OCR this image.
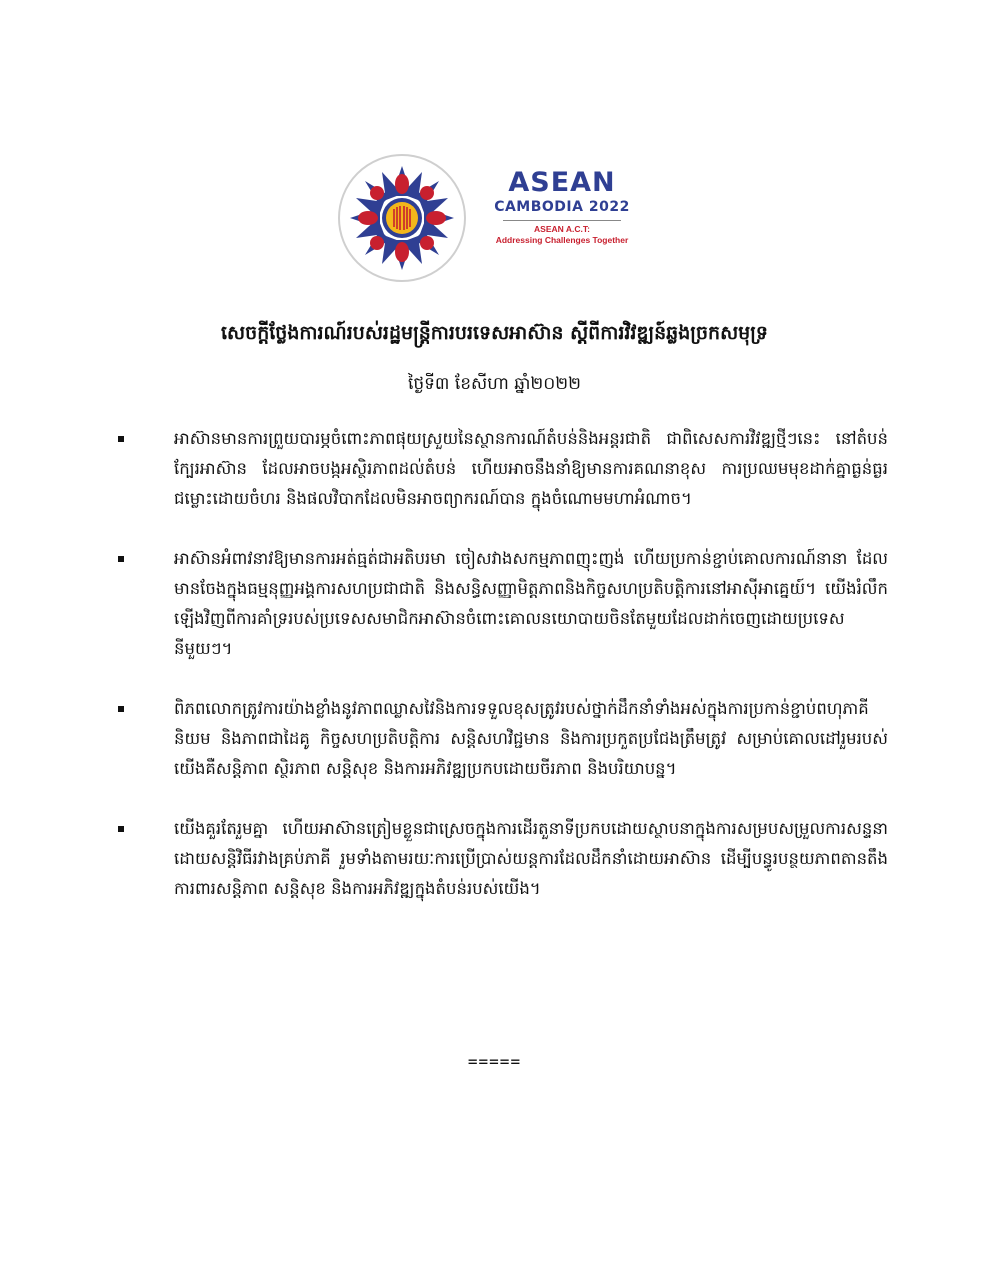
ASEAN
CAMBODIA 2022
ASEAN A.C.T:
Addressing Challenges Together
សេចក្តីថ្លែងការណ៍របស់រដ្ឋមន្ត្រីការបរទេសអាស៊ាន ស្តីពីការវិវឌ្ឍន៍ឆ្លងច្រកសមុទ្រ
ថ្ងៃទី៣ ខែសីហា ឆ្នាំ២០២២
អាស៊ានមានការព្រួយបារម្ភចំពោះភាពផុយស្រួយនៃស្ថានការណ៍តំបន់និងអន្តរជាតិ ជាពិសេសការវិវឌ្ឍថ្មីៗនេះ នៅតំបន់ក្បែរអាស៊ាន ដែលអាចបង្កអស្ថិរភាពដល់តំបន់ ហើយអាចនឹងនាំឱ្យមានការគណនាខុស ការប្រឈមមុខដាក់គ្នាធ្ងន់ធ្ងរ ជម្លោះដោយចំហរ និងផលវិបាកដែលមិនអាចព្យាករណ៍បាន ក្នុងចំណោមមហាអំណាច។
អាស៊ានអំពាវនាវឱ្យមានការអត់ធ្មត់ជាអតិបរមា ចៀសវាងសកម្មភាពញុះញង់ ហើយប្រកាន់ខ្ជាប់គោលការណ៍នានា ដែលមានចែងក្នុងធម្មនុញ្ញអង្គការសហប្រជាជាតិ និងសន្ធិសញ្ញាមិត្តភាពនិងកិច្ចសហប្រតិបត្តិការនៅអាស៊ីអាគ្នេយ៍។ យើងរំលឹកឡើងវិញពីការគាំទ្ររបស់ប្រទេសសមាជិកអាស៊ានចំពោះគោលនយោបាយចិនតែមួយដែលដាក់ចេញដោយប្រទេសនីមួយៗ។
ពិភពលោកត្រូវការយ៉ាងខ្លាំងនូវភាពឈ្លាសវៃនិងការទទួលខុសត្រូវរបស់ថ្នាក់ដឹកនាំទាំងអស់ក្នុងការប្រកាន់ខ្ជាប់ពហុភាគីនិយម និងភាពជាដៃគូ កិច្ចសហប្រតិបត្តិការ សន្តិសហវិជ្ជមាន និងការប្រកួតប្រជែងត្រឹមត្រូវ សម្រាប់គោលដៅរួមរបស់យើងគឺសន្តិភាព ស្ថិរភាព សន្តិសុខ និងការអភិវឌ្ឍប្រកបដោយចីរភាព និងបរិយាបន្ន។
យើងគួរតែរួមគ្នា ហើយអាស៊ានត្រៀមខ្លួនជាស្រេចក្នុងការដើរតួនាទីប្រកបដោយស្ថាបនាក្នុងការសម្របសម្រួលការសន្ទនាដោយសន្តិវិធីរវាងគ្រប់ភាគី រួមទាំងតាមរយៈការប្រើប្រាស់យន្តការដែលដឹកនាំដោយអាស៊ាន ដើម្បីបន្ធូរបន្ថយភាពតានតឹង ការពារសន្តិភាព សន្តិសុខ និងការអភិវឌ្ឍក្នុងតំបន់របស់យើង។
=====
